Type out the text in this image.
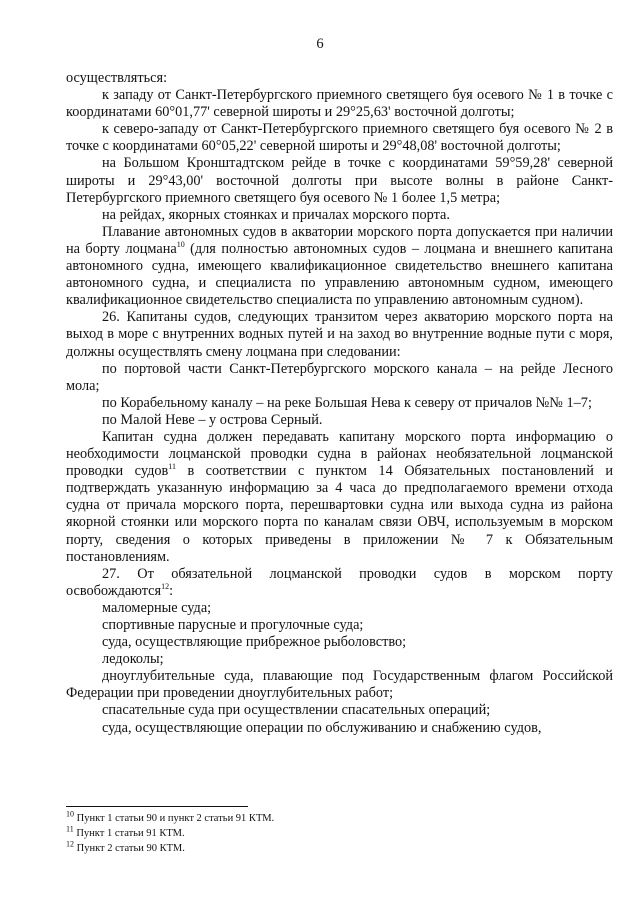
6

осуществляться:

к западу от Санкт-Петербургского приемного светящего буя осевого № 1 в точке с координатами 60°01,77' северной широты и 29°25,63' восточной долготы;

к северо-западу от Санкт-Петербургского приемного светящего буя осевого № 2 в точке с координатами 60°05,22' северной широты и 29°48,08' восточной долготы;

на Большом Кронштадтском рейде в точке с координатами 59°59,28' северной широты и 29°43,00' восточной долготы при высоте волны в районе Санкт-Петербургского приемного светящего буя осевого № 1 более 1,5 метра;

на рейдах, якорных стоянках и причалах морского порта.

Плавание автономных судов в акватории морского порта допускается при наличии на борту лоцмана$^{10}$ (для полностью автономных судов – лоцмана и внешнего капитана автономного судна, имеющего квалификационное свидетельство внешнего капитана автономного судна, и специалиста по управлению автономным судном, имеющего квалификационное свидетельство специалиста по управлению автономным судном).

26. Капитаны судов, следующих транзитом через акваторию морского порта на выход в море с внутренних водных путей и на заход во внутренние водные пути с моря, должны осуществлять смену лоцмана при следовании:

по портовой части Санкт-Петербургского морского канала – на рейде Лесного мола;

по Корабельному каналу – на реке Большая Нева к северу от причалов №№ 1–7;

по Малой Неве – у острова Серный.

Капитан судна должен передавать капитану морского порта информацию о необходимости лоцманской проводки судна в районах необязательной лоцманской проводки судов$^{11}$ в соответствии с пунктом 14 Обязательных постановлений и подтверждать указанную информацию за 4 часа до предполагаемого времени отхода судна от причала морского порта, перешвартовки судна или выхода судна из района якорной стоянки или морского порта по каналам связи ОВЧ, используемым в морском порту, сведения о которых приведены в приложении № 7 к Обязательным постановлениям.

27. От обязательной лоцманской проводки судов в морском порту освобождаются$^{12}$:

маломерные суда;

спортивные парусные и прогулочные суда;

суда, осуществляющие прибрежное рыболовство;

ледоколы;

дноуглубительные суда, плавающие под Государственным флагом Российской Федерации при проведении дноуглубительных работ;

спасательные суда при осуществлении спасательных операций;

суда, осуществляющие операции по обслуживанию и снабжению судов,

$^{10}$ Пункт 1 статьи 90 и пункт 2 статьи 91 КТМ.
$^{11}$ Пункт 1 статьи 91 КТМ.
$^{12}$ Пункт 2 статьи 90 КТМ.
